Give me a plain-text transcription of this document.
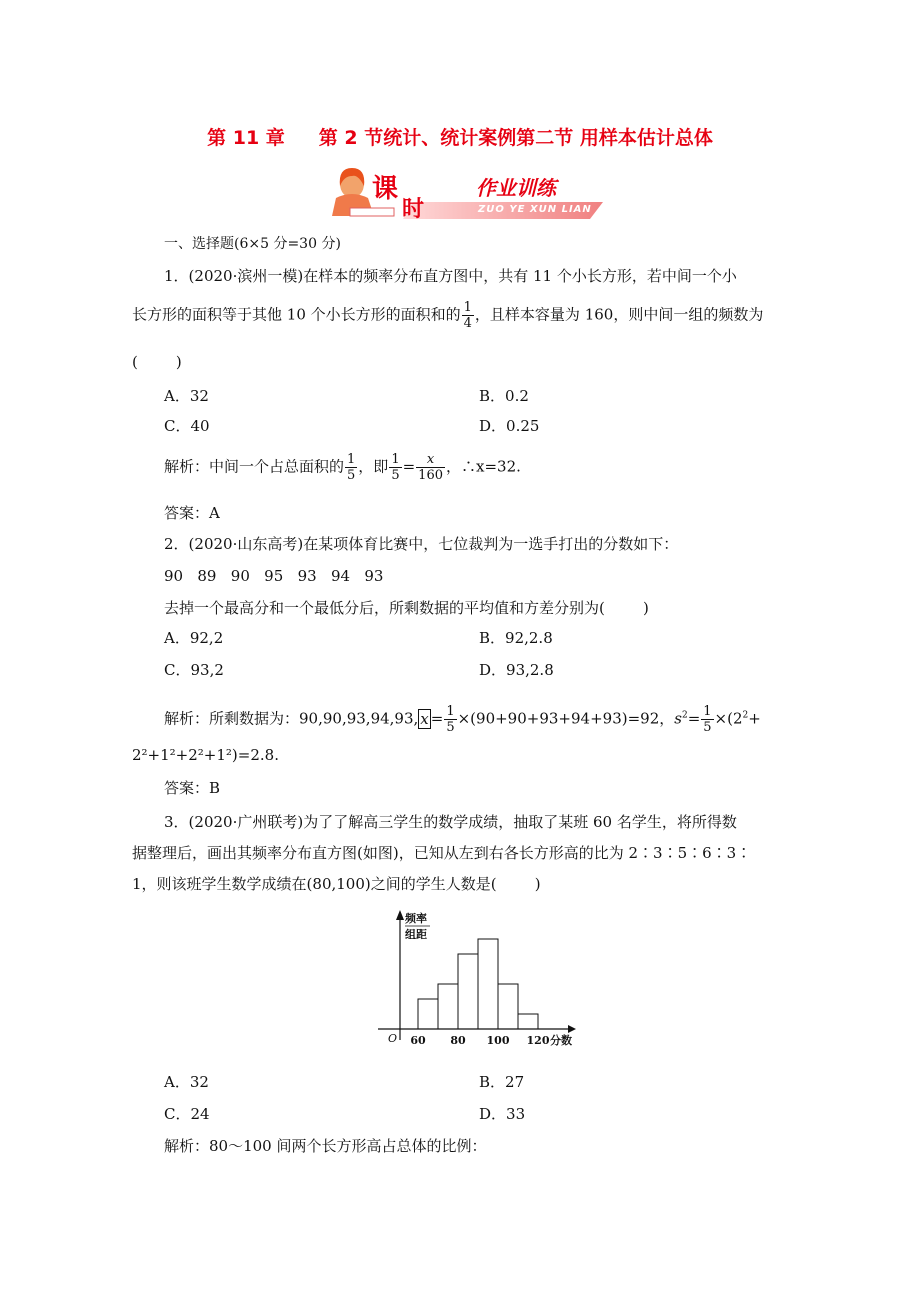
第 11 章 第 2 节统计、统计案例第二节 用样本估计总体
课
时
作业训练
ZUO YE XUN LIAN
一、选择题(6×5 分=30 分)
1．(2020·滨州一模)在样本的频率分布直方图中，共有 11 个小长方形，若中间一个小
长方形的面积等于其他 10 个小长方形的面积和的 $\frac{1}{4}$ ，且样本容量为 160，则中间一组的频数为
(	)
A．32	B．0.2
C．40	D．0.25
解析：中间一个占总面积的 $\frac{1}{5}$ ，即 $\frac{1}{5} = \frac{x}{160}$ ，∴x=32.
答案：A
2．(2020·山东高考)在某项体育比赛中，七位裁判为一选手打出的分数如下：
90   89   90   95   93   94   93
去掉一个最高分和一个最低分后，所剩数据的平均值和方差分别为(        )
A．92,2	B．92,2.8
C．93,2	D．93,2.8
解析：所剩数据为：90,90,93,94,93, $x = \frac{1}{5} \times(90+90+93+94+93)=92$，$s^2= \frac{1}{5} \times(2^2+$
2²+1²+2²+1²)=2.8.
答案：B
3．(2020·广州联考)为了了解高三学生的数学成绩，抽取了某班 60 名学生，将所得数
据整理后，画出其频率分布直方图(如图)，已知从左到右各长方形高的比为 2∶3∶5∶6∶3∶
1，则该班学生数学成绩在(80,100)之间的学生人数是(        )
频率
组距
O 60 80 100 120 分数
A．32	B．27
C．24	D．33
解析：80～100 间两个长方形高占总体的比例：
